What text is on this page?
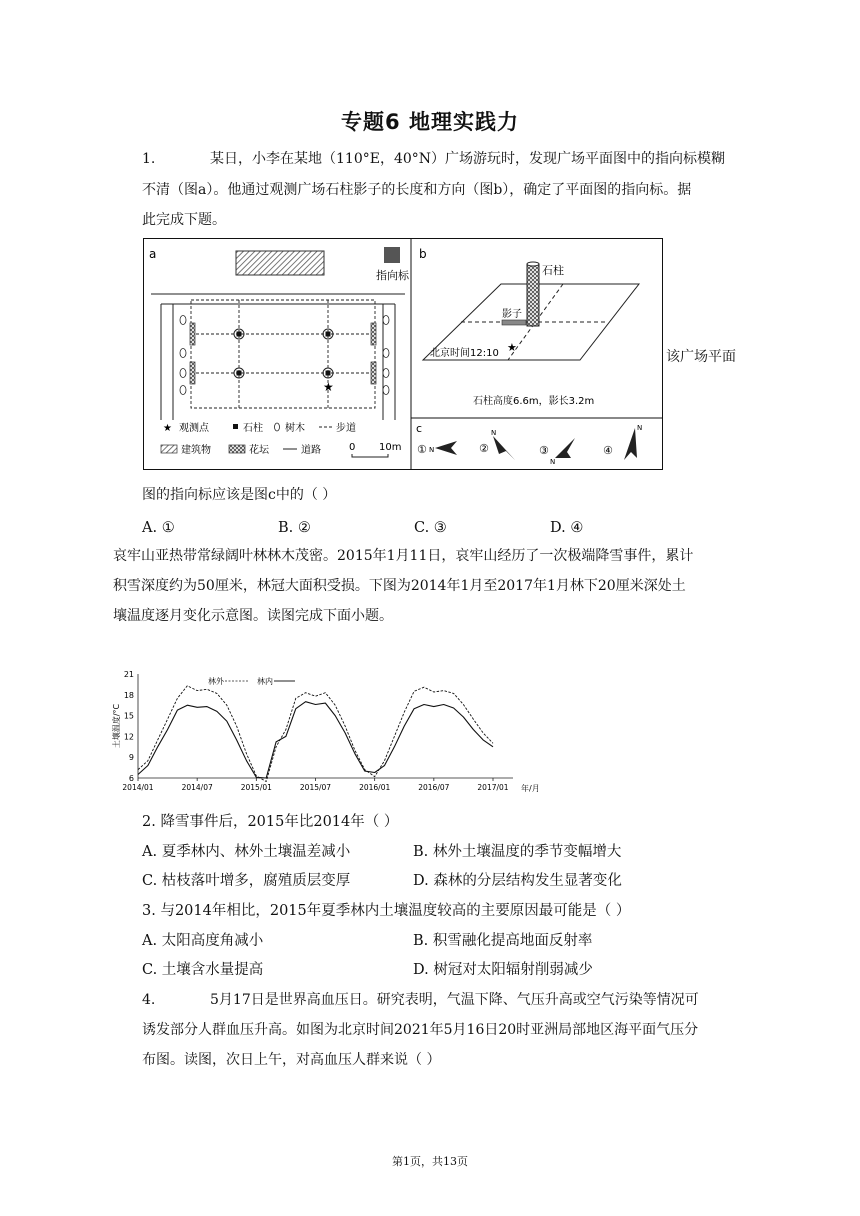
专题6 地理实践力
1.	某日，小李在某地（110°E，40°N）广场游玩时，发现广场平面图中的指向标模糊
不清（图a）。他通过观测广场石柱影子的长度和方向（图b），确定了平面图的指向标。据
此完成下题。
a
指向标
★
★ 观测点	石柱 树木	步道
建筑物	花坛	道路	0 10m
b
石柱
影子
★
北京时间12:10
石柱高度6.6m，影长3.2m
c
① N	②
N
③
N
④
N
该广场平面
图的指向标应该是图c中的（ ）
A. ①	B. ②	C. ③	D. ④
哀牢山亚热带常绿阔叶林林木茂密。2015年1月11日，哀牢山经历了一次极端降雪事件，累计
积雪深度约为50厘米，林冠大面积受损。下图为2014年1月至2017年1月林下20厘米深处土
壤温度逐月变化示意图。读图完成下面小题。
6
9
12
15
18
21
2014/01	2014/07	2015/01	2015/07	2016/01	2016/07	2017/01
土壤温度/°C
年/月
林外	林内
2. 降雪事件后，2015年比2014年（ ）
A. 夏季林内、林外土壤温差减小	B. 林外土壤温度的季节变幅增大
C. 枯枝落叶增多，腐殖质层变厚	D. 森林的分层结构发生显著变化
3. 与2014年相比，2015年夏季林内土壤温度较高的主要原因最可能是（ ）
A. 太阳高度角减小	B. 积雪融化提高地面反射率
C. 土壤含水量提高	D. 树冠对太阳辐射削弱减少
4.	5月17日是世界高血压日。研究表明，气温下降、气压升高或空气污染等情况可
诱发部分人群血压升高。如图为北京时间2021年5月16日20时亚洲局部地区海平面气压分
布图。读图，次日上午，对高血压人群来说（ ）
第1页，共13页
